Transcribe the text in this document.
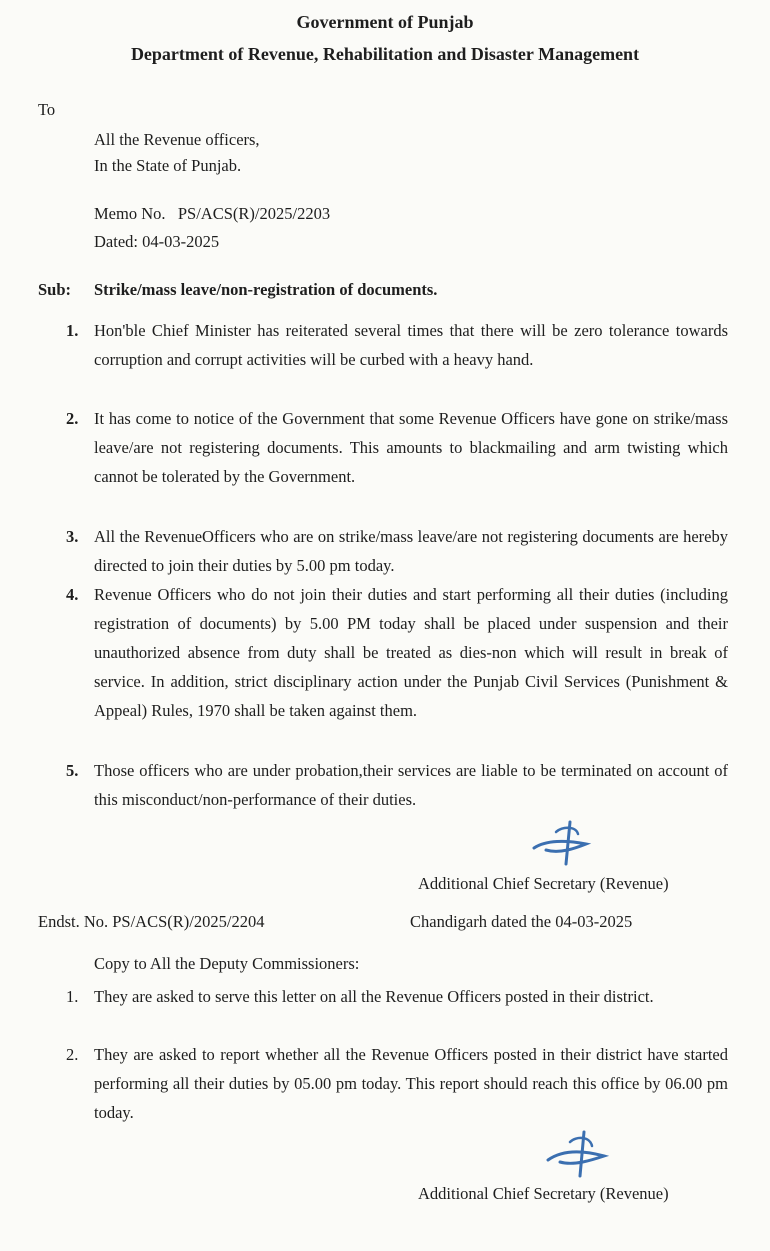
Government of Punjab
Department of Revenue, Rehabilitation and Disaster Management
To
All the Revenue officers,
In the State of Punjab.
Memo No.   PS/ACS(R)/2025/2203
Dated: 04-03-2025
Sub: Strike/mass leave/non-registration of documents.
1. Hon'ble Chief Minister has reiterated several times that there will be zero tolerance towards corruption and corrupt activities will be curbed with a heavy hand.
2. It has come to notice of the Government that some Revenue Officers have gone on strike/mass leave/are not registering documents. This amounts to blackmailing and arm twisting which cannot be tolerated by the Government.
3. All the RevenueOfficers who are on strike/mass leave/are not registering documents are hereby directed to join their duties by 5.00 pm today.
4. Revenue Officers who do not join their duties and start performing all their duties (including registration of documents) by 5.00 PM today shall be placed under suspension and their unauthorized absence from duty shall be treated as dies-non which will result in break of service. In addition, strict disciplinary action under the Punjab Civil Services (Punishment & Appeal) Rules, 1970 shall be taken against them.
5. Those officers who are under probation,their services are liable to be terminated on account of this misconduct/non-performance of their duties.
Additional Chief Secretary (Revenue)
Endst. No. PS/ACS(R)/2025/2204	Chandigarh dated the 04-03-2025
Copy to All the Deputy Commissioners:
1. They are asked to serve this letter on all the Revenue Officers posted in their district.
2. They are asked to report whether all the Revenue Officers posted in their district have started performing all their duties by 05.00 pm today. This report should reach this office by 06.00 pm today.
Additional Chief Secretary (Revenue)
